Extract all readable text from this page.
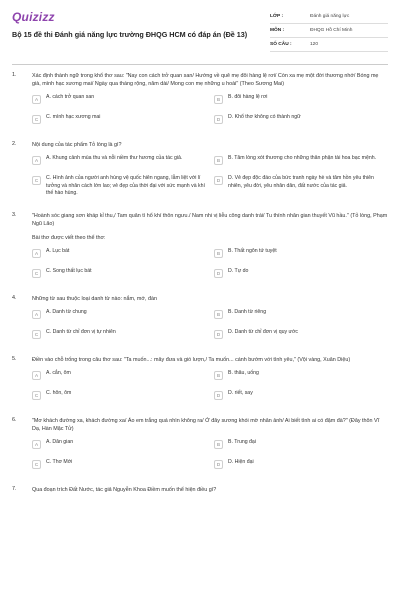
Quizizz
Bộ 15 đề thi Đánh giá năng lực trường ĐHQG HCM có đáp án (Đề 13)
LỚP :	Đánh giá năng lực
MÔN :	ĐHQG Hồ Chí Minh
SỐ CÂU :	120
1.	Xác định thành ngữ trong khổ thơ sau: "Nay con cách trở quan san/ Hướng về quê mẹ đôi hàng lệ rơi/ Còn xa mẹ một đời thương nhớ/ Bóng mẹ già, mình hạc xương mai/ Ngày qua tháng rộng, năm dài/ Mong con mẹ những u hoài" (Theo Sương Mai)
A	A. cách trở quan san	B	B. đôi hàng lệ rơi
C	C. mình hạc xương mai	D	D. Khổ thơ không có thành ngữ
2.	Nội dung của tác phẩm Tỏ lòng là gì?
A	A. Khung cảnh mùa thu và nỗi niềm thư hương của tác giả.	B	B. Tâm lòng xót thương cho những thân phận tài hoa bạc mệnh.
C	C. Hình ảnh của người anh hùng vệ quốc hiên ngang, lẫm liệt với lí tưởng và nhân cách lớn lao; vẻ đẹp của thời đại với sức mạnh và khí thế hào hùng.
D	D. Vẻ đẹp độc đáo của bức tranh ngày hè và tâm hồn yêu thiên nhiên, yêu đời, yêu nhân dân, đất nước của tác giả.
3.	"Hoành sóc giang sơn kháp kỉ thu,/ Tam quân tì hổ khí thôn ngưu./ Nam nhi vị liễu công danh trái/ Tu thính nhân gian thuyết Vũ hầu." (Tỏ lòng, Phạm Ngũ Lão)
Bài thơ được viết theo thể thơ:
A	A. Lục bát	B	B. Thất ngôn tứ tuyệt
C	C. Song thất lục bát	D	D. Tự do
4.	Những từ sau thuộc loại danh từ nào: nắm, mớ, đàn
A	A. Danh từ chung	B	B. Danh từ riêng
C	C. Danh từ chỉ đơn vị tự nhiên	D	D. Danh từ chỉ đơn vị quy ước
5.	Điền vào chỗ trống trong câu thơ sau: "Ta muốn...: mây đưa và gió lượn,/ Ta muốn... cánh bướm với tình yêu," (Vội vàng, Xuân Diệu)
A	A. cắn, ôm	B	B. thâu, uống
C	C. hôn, ôm	D	D. riết, say
6.	"Mơ khách đường xa, khách đường xa/ Áo em trắng quá nhìn không ra/ Ở đây sương khói mờ nhân ảnh/ Ai biết tình ai có đậm đà?" (Đây thôn Vĩ Dạ, Hàn Mặc Tử)
A	A. Dân gian	B	B. Trung đại
C	C. Thơ Mới	D	D. Hiện đại
7.	Qua đoạn trích Đất Nước, tác giả Nguyễn Khoa Điềm muốn thể hiện điều gì?
